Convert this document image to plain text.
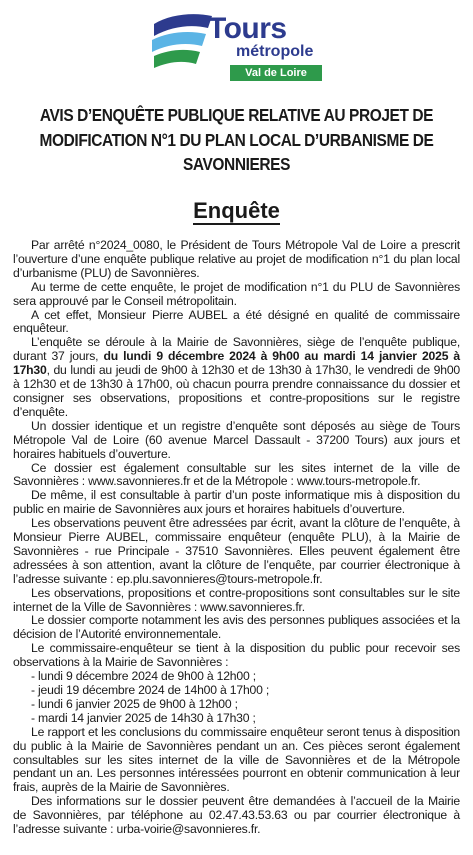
Tours
métropole
Val de Loire
AVIS D’ENQUÊTE PUBLIQUE RELATIVE AU PROJET DE MODIFICATION N°1 DU PLAN LOCAL D’URBANISME DE SAVONNIERES
Enquête

Par arrêté n°2024_0080, le Président de Tours Métropole Val de Loire a prescrit l’ouverture d’une enquête publique relative au projet de modification n°1 du plan local d’urbanisme (PLU) de Savonnières.

Au terme de cette enquête, le projet de modification n°1 du PLU de Savonnières sera approuvé par le Conseil métropolitain.

A cet effet, Monsieur Pierre AUBEL a été désigné en qualité de commissaire enquêteur.

L’enquête se déroule à la Mairie de Savonnières, siège de l’enquête publique, durant 37 jours, du lundi 9 décembre 2024 à 9h00 au mardi 14 janvier 2025 à 17h30, du lundi au jeudi de 9h00 à 12h30 et de 13h30 à 17h30, le vendredi de 9h00 à 12h30 et de 13h30 à 17h00, où chacun pourra prendre connaissance du dossier et consigner ses observations, propositions et contre-propositions sur le registre d’enquête.

Un dossier identique et un registre d’enquête sont déposés au siège de Tours Métropole Val de Loire (60 avenue Marcel Dassault - 37200 Tours) aux jours et horaires habituels d’ouverture.

Ce dossier est également consultable sur les sites internet de la ville de Savonnières : www.savonnieres.fr et de la Métropole : www.tours-metropole.fr.

De même, il est consultable à partir d’un poste informatique mis à disposition du public en mairie de Savonnières aux jours et horaires habituels d’ouverture.

Les observations peuvent être adressées par écrit, avant la clôture de l’enquête, à Monsieur Pierre AUBEL, commissaire enquêteur (enquête PLU), à la Mairie de Savonnières - rue Principale - 37510 Savonnières. Elles peuvent également être adressées à son attention, avant la clôture de l’enquête, par courrier électronique à l’adresse suivante : ep.plu.savonnieres@tours-metropole.fr.

Les observations, propositions et contre-propositions sont consultables sur le site internet de la Ville de Savonnières : www.savonnieres.fr.

Le dossier comporte notamment les avis des personnes publiques associées et la décision de l’Autorité environnementale.

Le commissaire-enquêteur se tient à la disposition du public pour recevoir ses observations à la Mairie de Savonnières :

- lundi 9 décembre 2024 de 9h00 à 12h00 ;

- jeudi 19 décembre 2024 de 14h00 à 17h00 ;

- lundi 6 janvier 2025 de 9h00 à 12h00 ;

- mardi 14 janvier 2025 de 14h30 à 17h30 ;

Le rapport et les conclusions du commissaire enquêteur seront tenus à disposition du public à la Mairie de Savonnières pendant un an. Ces pièces seront également consultables sur les sites internet de la ville de Savonnières et de la Métropole pendant un an. Les personnes intéressées pourront en obtenir communication à leur frais, auprès de la Mairie de Savonnières.

Des informations sur le dossier peuvent être demandées à l’accueil de la Mairie de Savonnières, par téléphone au 02.47.43.53.63 ou par courrier électronique à l’adresse suivante : urba-voirie@savonnieres.fr.
